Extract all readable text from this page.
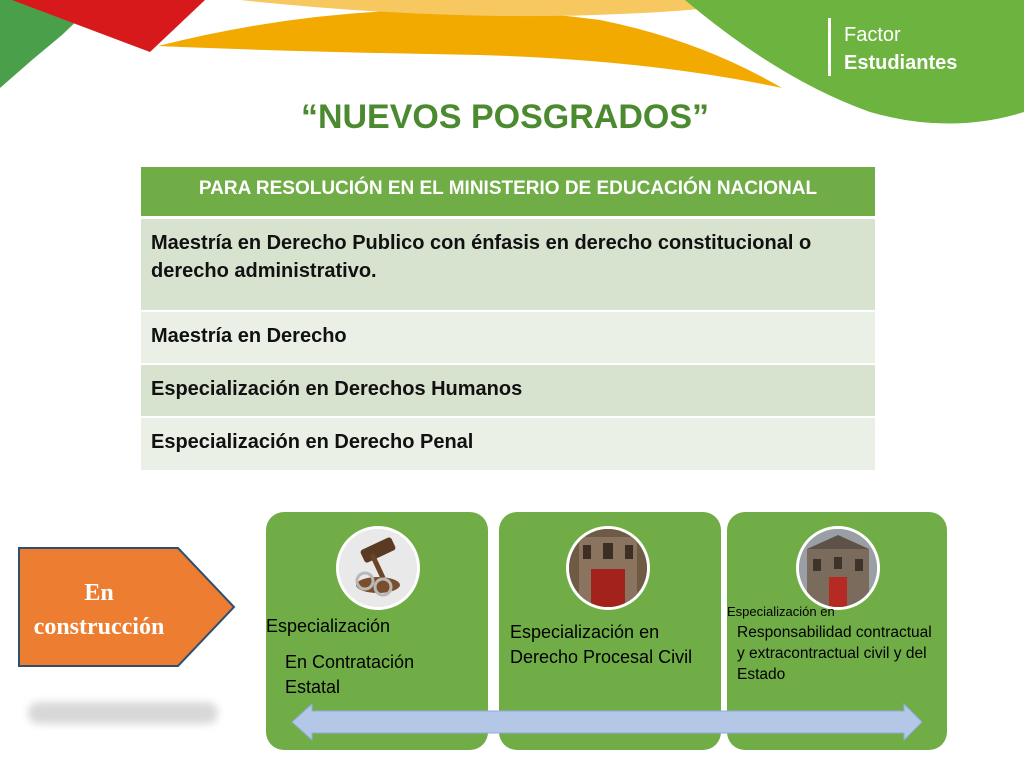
Factor
Estudiantes
“NUEVOS POSGRADOS”
PARA RESOLUCIÓN EN EL MINISTERIO DE EDUCACIÓN NACIONAL
Maestría en Derecho Publico con énfasis en derecho constitucional o derecho administrativo.
Maestría en Derecho
Especialización en Derechos Humanos
Especialización en Derecho Penal
En
construcción	Especialización
En Contratación Estatal
Especialización en Derecho Procesal Civil
Especialización en
Responsabilidad contractual y extracontractual civil y del Estado
